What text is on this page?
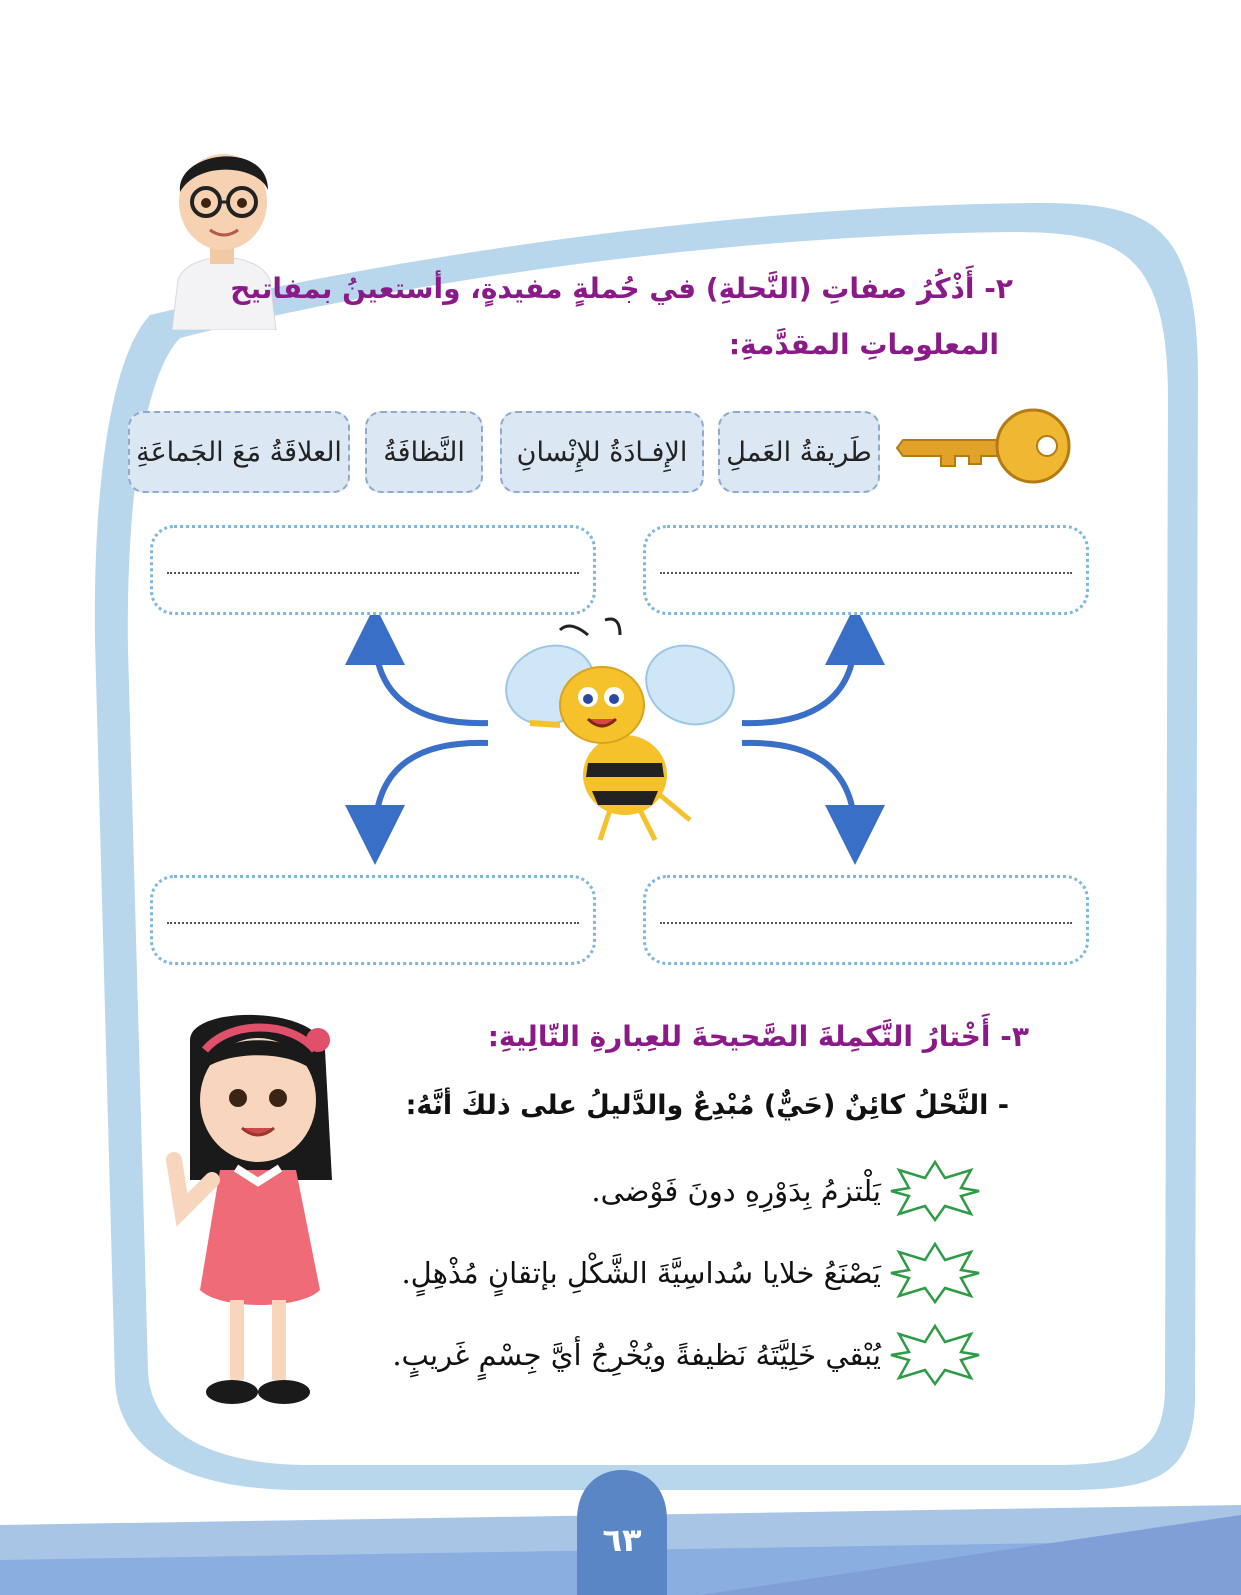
٢- أَذْكُرُ صفاتِ (النَّحلةِ) في جُملةٍ مفيدةٍ، وأستعينُ بمفاتيح
المعلوماتِ المقدَّمةِ:
طَريقةُ العَملِ
الإِفـادَةُ للإِنْسانِ
النَّظافَةُ
العلاقَةُ مَعَ الجَماعَةِ
٣- أَخْتارُ التَّكمِلةَ الصَّحيحةَ للعِبارةِ التّالِيةِ:
- النَّحْلُ كائِنٌ (حَيٌّ) مُبْدِعٌ والدَّليلُ على ذلكَ أنَّهُ:
يَلْتزمُ بِدَوْرِهِ دونَ فَوْضى.
يَصْنَعُ خلايا سُداسِيَّةَ الشَّكْلِ بإتقانٍ مُذْهِلٍ.
يُبْقي خَلِيَّتَهُ نَظيفةً ويُخْرِجُ أيَّ جِسْمٍ غَريبٍ.
٦٣
